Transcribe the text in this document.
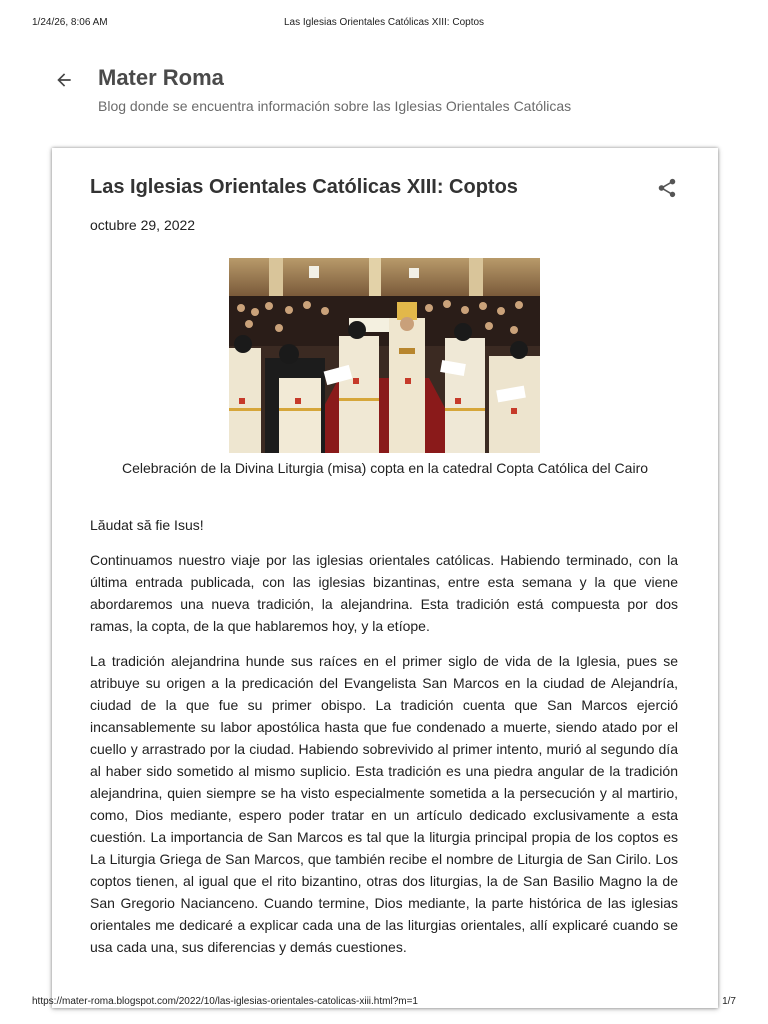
1/24/26, 8:06 AM	Las Iglesias Orientales Católicas XIII: Coptos
Mater Roma
Blog donde se encuentra información sobre las Iglesias Orientales Católicas
Las Iglesias Orientales Católicas XIII: Coptos
octubre 29, 2022
Celebración de la Divina Liturgia (misa) copta en la catedral Copta Católica del Cairo

Lăudat să fie Isus!

Continuamos nuestro viaje por las iglesias orientales católicas. Habiendo terminado, con la última entrada publicada, con las iglesias bizantinas, entre esta semana y la que viene abordaremos una nueva tradición, la alejandrina. Esta tradición está compuesta por dos ramas, la copta, de la que hablaremos hoy, y la etíope.

La tradición alejandrina hunde sus raíces en el primer siglo de vida de la Iglesia, pues se atribuye su origen a la predicación del Evangelista San Marcos en la ciudad de Alejandría, ciudad de la que fue su primer obispo. La tradición cuenta que San Marcos ejerció incansablemente su labor apostólica hasta que fue condenado a muerte, siendo atado por el cuello y arrastrado por la ciudad. Habiendo sobrevivido al primer intento, murió al segundo día al haber sido sometido al mismo suplicio. Esta tradición es una piedra angular de la tradición alejandrina, quien siempre se ha visto especialmente sometida a la persecución y al martirio, como, Dios mediante, espero poder tratar en un artículo dedicado exclusivamente a esta cuestión. La importancia de San Marcos es tal que la liturgia principal propia de los coptos es La Liturgia Griega de San Marcos, que también recibe el nombre de Liturgia de San Cirilo. Los coptos tienen, al igual que el rito bizantino, otras dos liturgias, la de San Basilio Magno la de San Gregorio Nacianceno. Cuando termine, Dios mediante, la parte histórica de las iglesias orientales me dedicaré a explicar cada una de las liturgias orientales, allí explicaré cuando se usa cada una, sus diferencias y demás cuestiones.

https://mater-roma.blogspot.com/2022/10/las-iglesias-orientales-catolicas-xiii.html?m=1	1/7
